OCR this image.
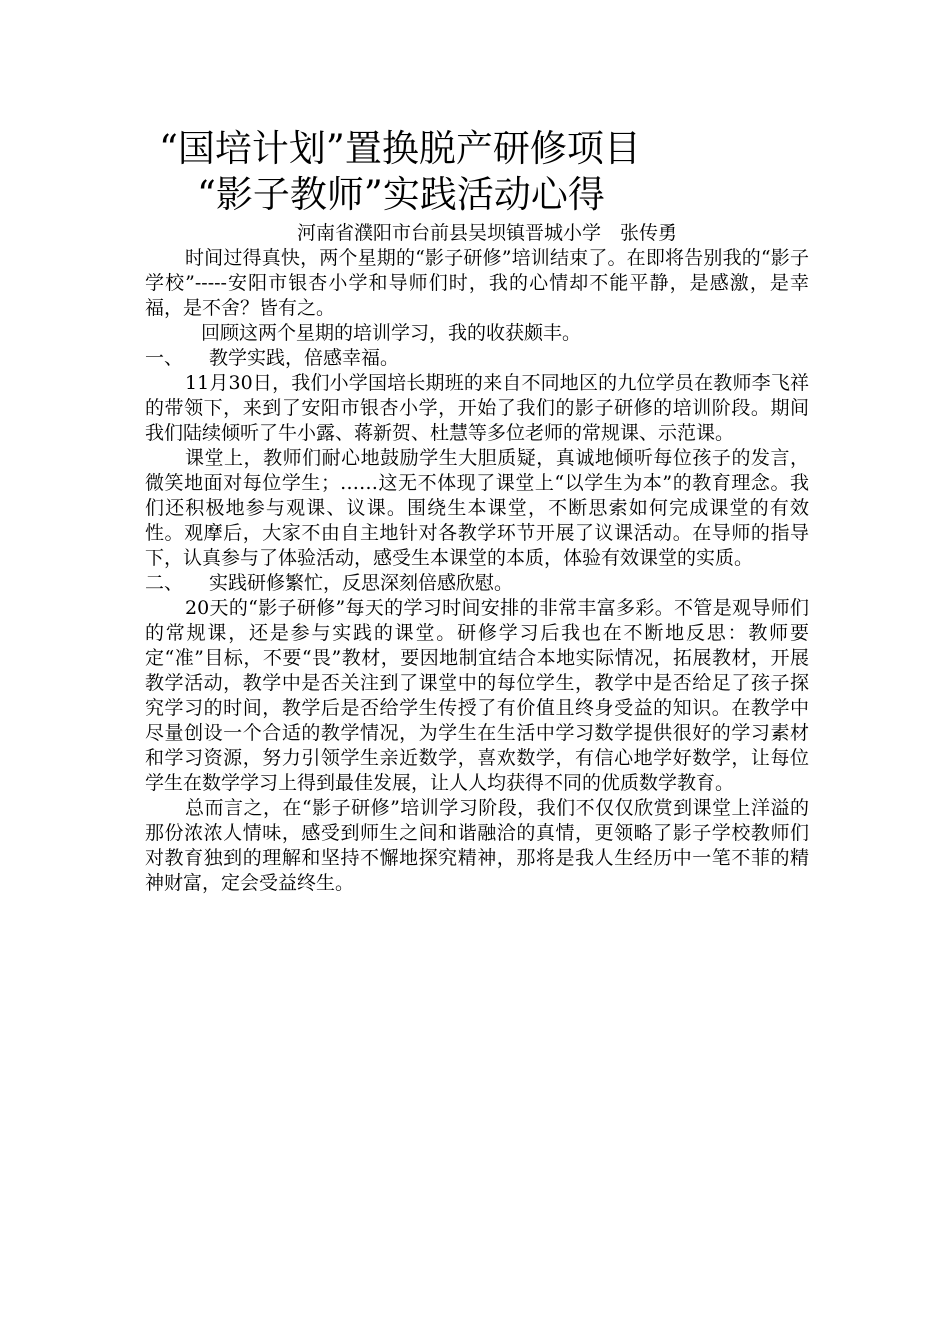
“国培计划”置换脱产研修项目
“影子教师”实践活动心得
河南省濮阳市台前县吴坝镇晋城小学　张传勇

时间过得真快，两个星期的“影子研修”培训结束了。在即将告别我的“影子学校”-----安阳市银杏小学和导师们时，我的心情却不能平静，是感激，是幸福，是不舍？皆有之。

回顾这两个星期的培训学习，我的收获颇丰。

一、 教学实践，倍感幸福。

11月30日，我们小学国培长期班的来自不同地区的九位学员在教师李飞祥的带领下，来到了安阳市银杏小学，开始了我们的影子研修的培训阶段。期间我们陆续倾听了牛小露、蒋新贺、杜慧等多位老师的常规课、示范课。

课堂上，教师们耐心地鼓励学生大胆质疑，真诚地倾听每位孩子的发言，微笑地面对每位学生；……这无不体现了课堂上“以学生为本”的教育理念。我们还积极地参与观课、议课。围绕生本课堂，不断思索如何完成课堂的有效性。观摩后，大家不由自主地针对各教学环节开展了议课活动。在导师的指导下，认真参与了体验活动，感受生本课堂的本质，体验有效课堂的实质。

二、 实践研修繁忙，反思深刻倍感欣慰。

20天的“影子研修”每天的学习时间安排的非常丰富多彩。不管是观导师们的常规课，还是参与实践的课堂。研修学习后我也在不断地反思：教师要定“准”目标，不要“畏”教材，要因地制宜结合本地实际情况，拓展教材，开展教学活动，教学中是否关注到了课堂中的每位学生，教学中是否给足了孩子探究学习的时间，教学后是否给学生传授了有价值且终身受益的知识。在教学中尽量创设一个合适的教学情况，为学生在生活中学习数学提供很好的学习素材和学习资源，努力引领学生亲近数学，喜欢数学，有信心地学好数学，让每位学生在数学学习上得到最佳发展，让人人均获得不同的优质数学教育。

总而言之，在“影子研修”培训学习阶段，我们不仅仅欣赏到课堂上洋溢的那份浓浓人情味，感受到师生之间和谐融洽的真情，更领略了影子学校教师们对教育独到的理解和坚持不懈地探究精神，那将是我人生经历中一笔不菲的精神财富，定会受益终生。
